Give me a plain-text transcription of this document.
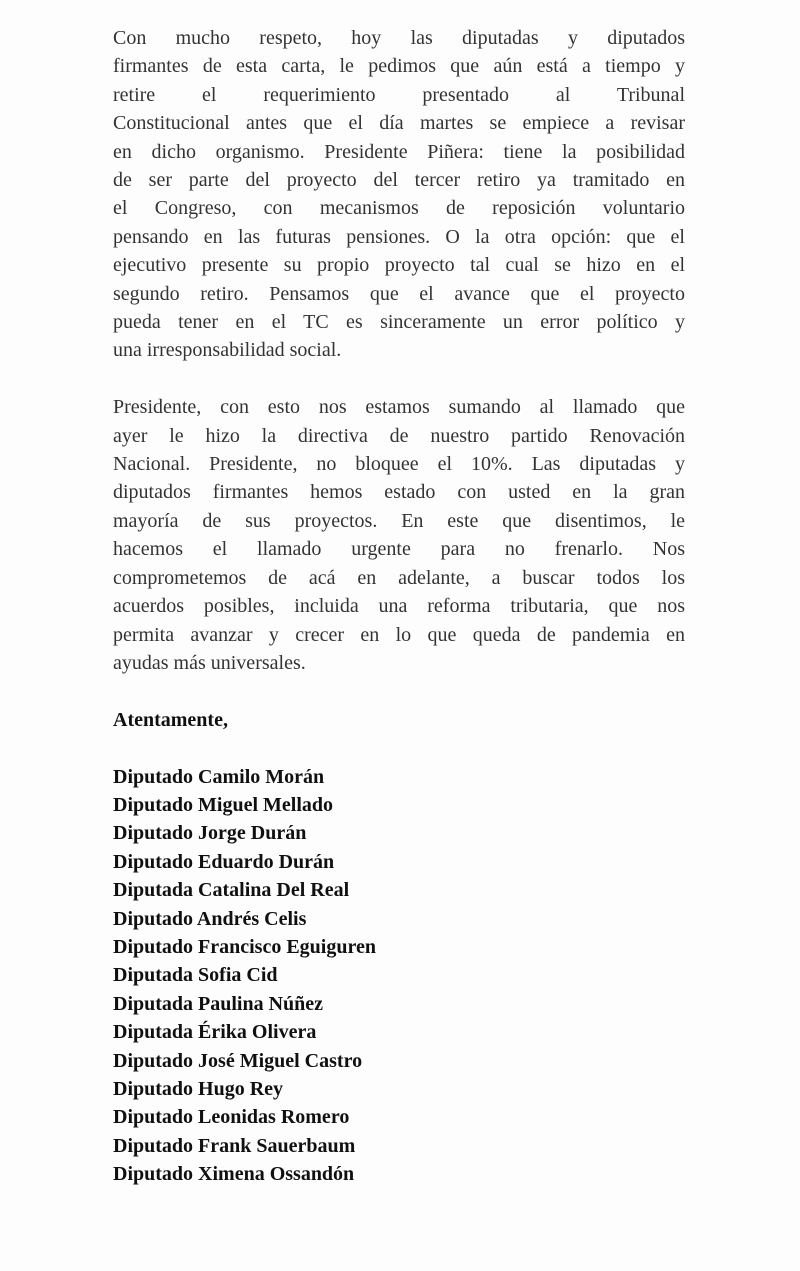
Con mucho respeto, hoy las diputadas y diputados
firmantes de esta carta, le pedimos que aún está a tiempo y
retire el requerimiento presentado al Tribunal
Constitucional antes que el día martes se empiece a revisar
en dicho organismo. Presidente Piñera: tiene la posibilidad
de ser parte del proyecto del tercer retiro ya tramitado en
el Congreso, con mecanismos de reposición voluntario
pensando en las futuras pensiones. O la otra opción: que el
ejecutivo presente su propio proyecto tal cual se hizo en el
segundo retiro. Pensamos que el avance que el proyecto
pueda tener en el TC es sinceramente un error político y
una irresponsabilidad social.
Presidente, con esto nos estamos sumando al llamado que
ayer le hizo la directiva de nuestro partido Renovación
Nacional. Presidente, no bloquee el 10%. Las diputadas y
diputados firmantes hemos estado con usted en la gran
mayoría de sus proyectos. En este que disentimos, le
hacemos el llamado urgente para no frenarlo. Nos
comprometemos de acá en adelante, a buscar todos los
acuerdos posibles, incluida una reforma tributaria, que nos
permita avanzar y crecer en lo que queda de pandemia en
ayudas más universales.
Atentamente,
Diputado Camilo Morán
Diputado Miguel Mellado
Diputado Jorge Durán
Diputado Eduardo Durán
Diputada Catalina Del Real
Diputado Andrés Celis
Diputado Francisco Eguiguren
Diputada Sofia Cid
Diputada Paulina Núñez
Diputada Érika Olivera
Diputado José Miguel Castro
Diputado Hugo Rey
Diputado Leonidas Romero
Diputado Frank Sauerbaum
Diputado Ximena Ossandón
